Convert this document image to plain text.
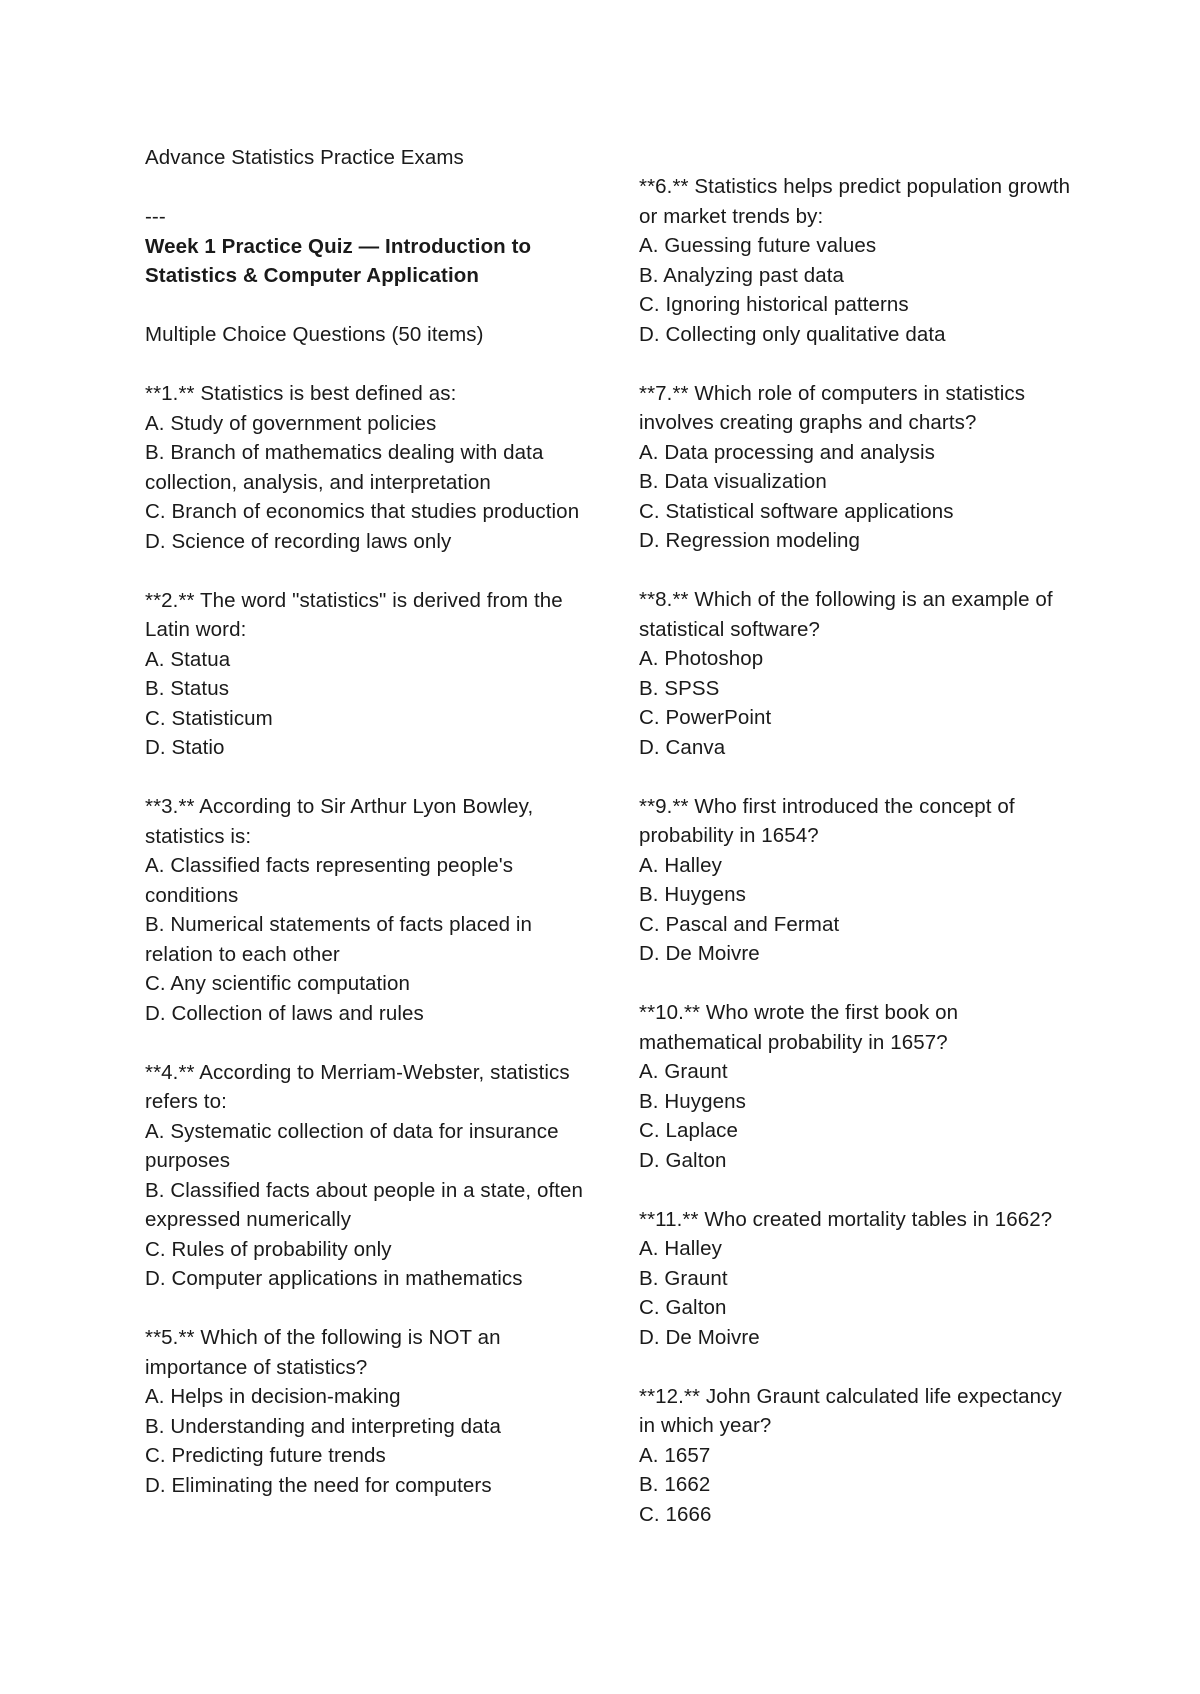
Advance Statistics Practice Exams
---
Week 1 Practice Quiz — Introduction to
Statistics & Computer Application
Multiple Choice Questions (50 items)
**1.** Statistics is best defined as:
A. Study of government policies
B. Branch of mathematics dealing with data collection, analysis, and interpretation
C. Branch of economics that studies production
D. Science of recording laws only
**2.** The word "statistics" is derived from the Latin word:
A. Statua
B. Status
C. Statisticum
D. Statio
**3.** According to Sir Arthur Lyon Bowley, statistics is:
A. Classified facts representing people's conditions
B. Numerical statements of facts placed in relation to each other
C. Any scientific computation
D. Collection of laws and rules
**4.** According to Merriam-Webster, statistics refers to:
A. Systematic collection of data for insurance purposes
B. Classified facts about people in a state, often expressed numerically
C. Rules of probability only
D. Computer applications in mathematics
**5.** Which of the following is NOT an importance of statistics?
A. Helps in decision-making
B. Understanding and interpreting data
C. Predicting future trends
D. Eliminating the need for computers
**6.** Statistics helps predict population growth or market trends by:
A. Guessing future values
B. Analyzing past data
C. Ignoring historical patterns
D. Collecting only qualitative data
**7.** Which role of computers in statistics involves creating graphs and charts?
A. Data processing and analysis
B. Data visualization
C. Statistical software applications
D. Regression modeling
**8.** Which of the following is an example of statistical software?
A. Photoshop
B. SPSS
C. PowerPoint
D. Canva
**9.** Who first introduced the concept of probability in 1654?
A. Halley
B. Huygens
C. Pascal and Fermat
D. De Moivre
**10.** Who wrote the first book on mathematical probability in 1657?
A. Graunt
B. Huygens
C. Laplace
D. Galton
**11.** Who created mortality tables in 1662?
A. Halley
B. Graunt
C. Galton
D. De Moivre
**12.** John Graunt calculated life expectancy in which year?
A. 1657
B. 1662
C. 1666
